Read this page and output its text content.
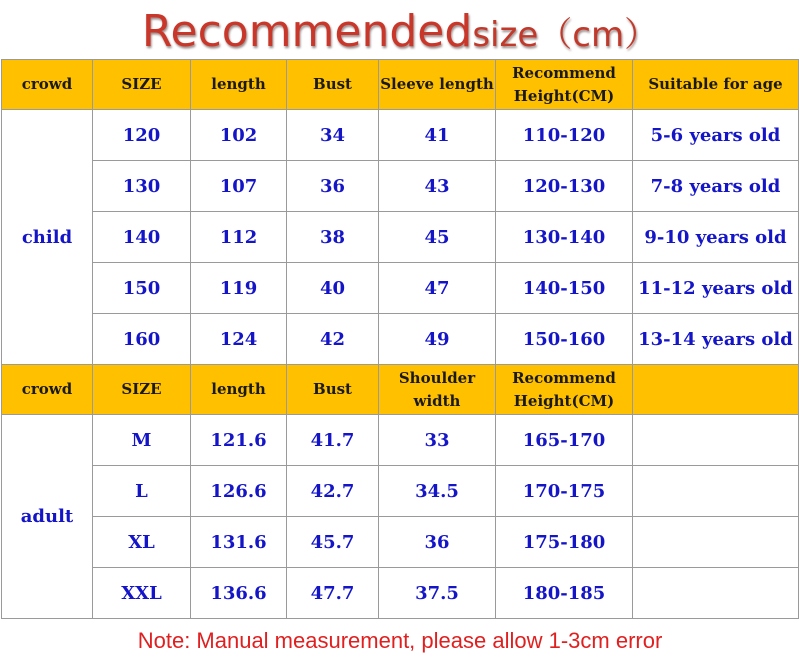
Recommendedsize（cm）
crowd	SIZE	length	Bust	Sleeve length	Recommend Height(CM)	Suitable for age
child	120	102	34	41	110-120	5-6 years old
	130	107	36	43	120-130	7-8 years old
	140	112	38	45	130-140	9-10 years old
	150	119	40	47	140-150	11-12 years old
	160	124	42	49	150-160	13-14 years old
crowd	SIZE	length	Bust	Shoulder width	Recommend Height(CM)	
adult	M	121.6	41.7	33	165-170	
	L	126.6	42.7	34.5	170-175	
	XL	131.6	45.7	36	175-180	
	XXL	136.6	47.7	37.5	180-185	
Note: Manual measurement, please allow 1-3cm error
